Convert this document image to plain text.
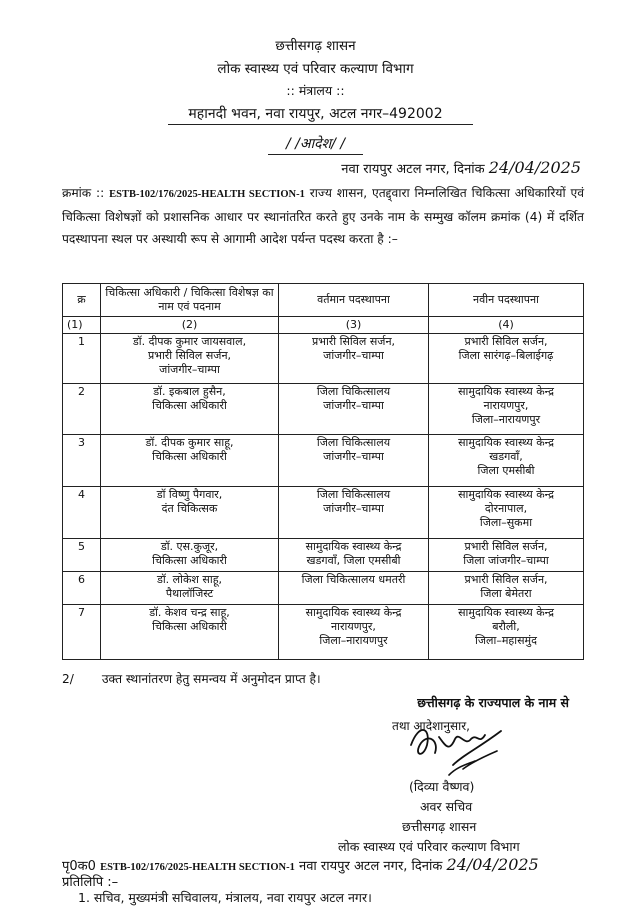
छत्तीसगढ़ शासन
लोक स्वास्थ्य एवं परिवार कल्याण विभाग
:: मंत्रालय ::
महानदी भवन, नवा रायपुर, अटल नगर–492002
/ /आदेश/ /
नवा रायपुर अटल नगर, दिनांक 24/04/2025
क्रमांक :: ESTB-102/176/2025-HEALTH SECTION-1 राज्य शासन, एतद्द्वारा निम्नलिखित चिकित्सा अधिकारियों एवं चिकित्सा विशेषज्ञों को प्रशासनिक आधार पर स्थानांतरित करते हुए उनके नाम के सम्मुख कॉलम क्रमांक (4) में दर्शित पदस्थापना स्थल पर अस्थायी रूप से आगामी आदेश पर्यन्त पदस्थ करता है :–
क्र	चिकित्सा अधिकारी / चिकित्सा विशेषज्ञ का नाम एवं पदनाम	वर्तमान पदस्थापना	नवीन पदस्थापना
(1)	(2)	(3)	(4)
1	डॉ. दीपक कुमार जायसवाल,
प्रभारी सिविल सर्जन,
जांजगीर–चाम्पा	प्रभारी सिविल सर्जन,
जांजगीर–चाम्पा	प्रभारी सिविल सर्जन,
जिला सारंगढ़–बिलाईगढ़
2	डॉ. इकबाल हुसैन,
चिकित्सा अधिकारी	जिला चिकित्सालय
जांजगीर–चाम्पा	सामुदायिक स्वास्थ्य केन्द्र
नारायणपुर,
जिला–नारायणपुर
3	डॉ. दीपक कुमार साहू,
चिकित्सा अधिकारी	जिला चिकित्सालय
जांजगीर–चाम्पा	सामुदायिक स्वास्थ्य केन्द्र
खडगवाँ,
जिला एमसीबी
4	डॉ विष्णु पैगवार,
दंत चिकित्सक	जिला चिकित्सालय
जांजगीर–चाम्पा	सामुदायिक स्वास्थ्य केन्द्र
दोरनापाल,
जिला–सुकमा
5	डॉ. एस.कुजूर,
चिकित्सा अधिकारी	सामुदायिक स्वास्थ्य केन्द्र
खडगवाँ, जिला एमसीबी	प्रभारी सिविल सर्जन,
जिला जांजगीर–चाम्पा
6	डॉ. लोकेश साहू,
पैथालॉजिस्ट	जिला चिकित्सालय धमतरी	प्रभारी सिविल सर्जन,
जिला बेमेतरा
7	डॉ. केशव चन्द्र साहू,
चिकित्सा अधिकारी	सामुदायिक स्वास्थ्य केन्द्र
नारायणपुर,
जिला–नारायणपुर	सामुदायिक स्वास्थ्य केन्द्र
बरौली,
जिला–महासमुंद
2/ उक्त स्थानांतरण हेतु समन्वय में अनुमोदन प्राप्त है।
छत्तीसगढ़ के राज्यपाल के नाम से
तथा आदेशानुसार,
(दिव्या वैष्णव)
अवर सचिव
छत्तीसगढ़ शासन
लोक स्वास्थ्य एवं परिवार कल्याण विभाग
पृ0क0 ESTB-102/176/2025-HEALTH SECTION-1 नवा रायपुर अटल नगर, दिनांक 24/04/2025
प्रतिलिपि :–
1. सचिव, मुख्यमंत्री सचिवालय, मंत्रालय, नवा रायपुर अटल नगर।
